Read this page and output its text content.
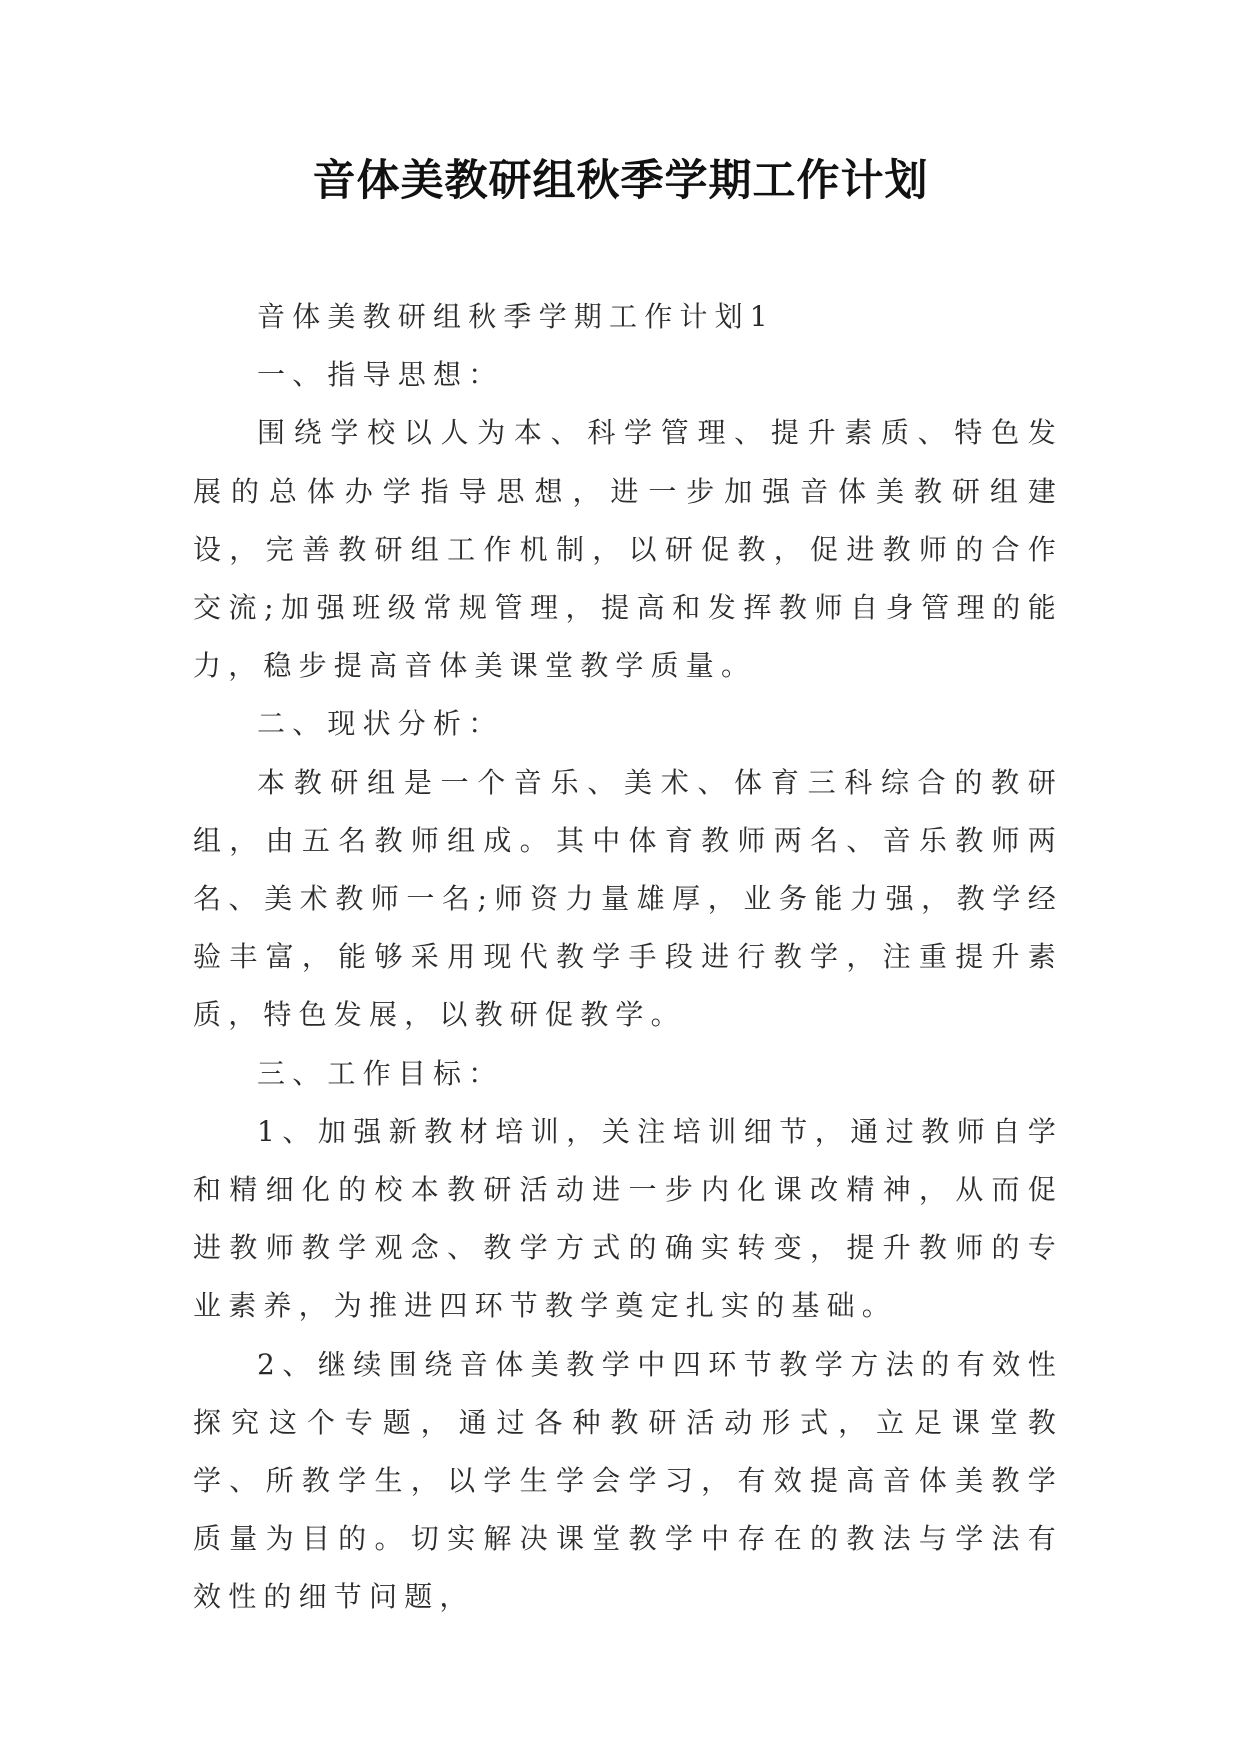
音体美教研组秋季学期工作计划

音体美教研组秋季学期工作计划1

一、指导思想：

围绕学校以人为本、科学管理、提升素质、特色发展的总体办学指导思想，进一步加强音体美教研组建设，完善教研组工作机制，以研促教，促进教师的合作交流;加强班级常规管理，提高和发挥教师自身管理的能力，稳步提高音体美课堂教学质量。

二、现状分析：

本教研组是一个音乐、美术、体育三科综合的教研组，由五名教师组成。其中体育教师两名、音乐教师两名、美术教师一名;师资力量雄厚，业务能力强，教学经验丰富，能够采用现代教学手段进行教学，注重提升素质，特色发展，以教研促教学。

三、工作目标：

1、加强新教材培训，关注培训细节，通过教师自学和精细化的校本教研活动进一步内化课改精神，从而促进教师教学观念、教学方式的确实转变，提升教师的专业素养，为推进四环节教学奠定扎实的基础。

2、继续围绕音体美教学中四环节教学方法的有效性探究这个专题，通过各种教研活动形式，立足课堂教学、所教学生，以学生学会学习，有效提高音体美教学质量为目的。切实解决课堂教学中存在的教法与学法有效性的细节问题，
